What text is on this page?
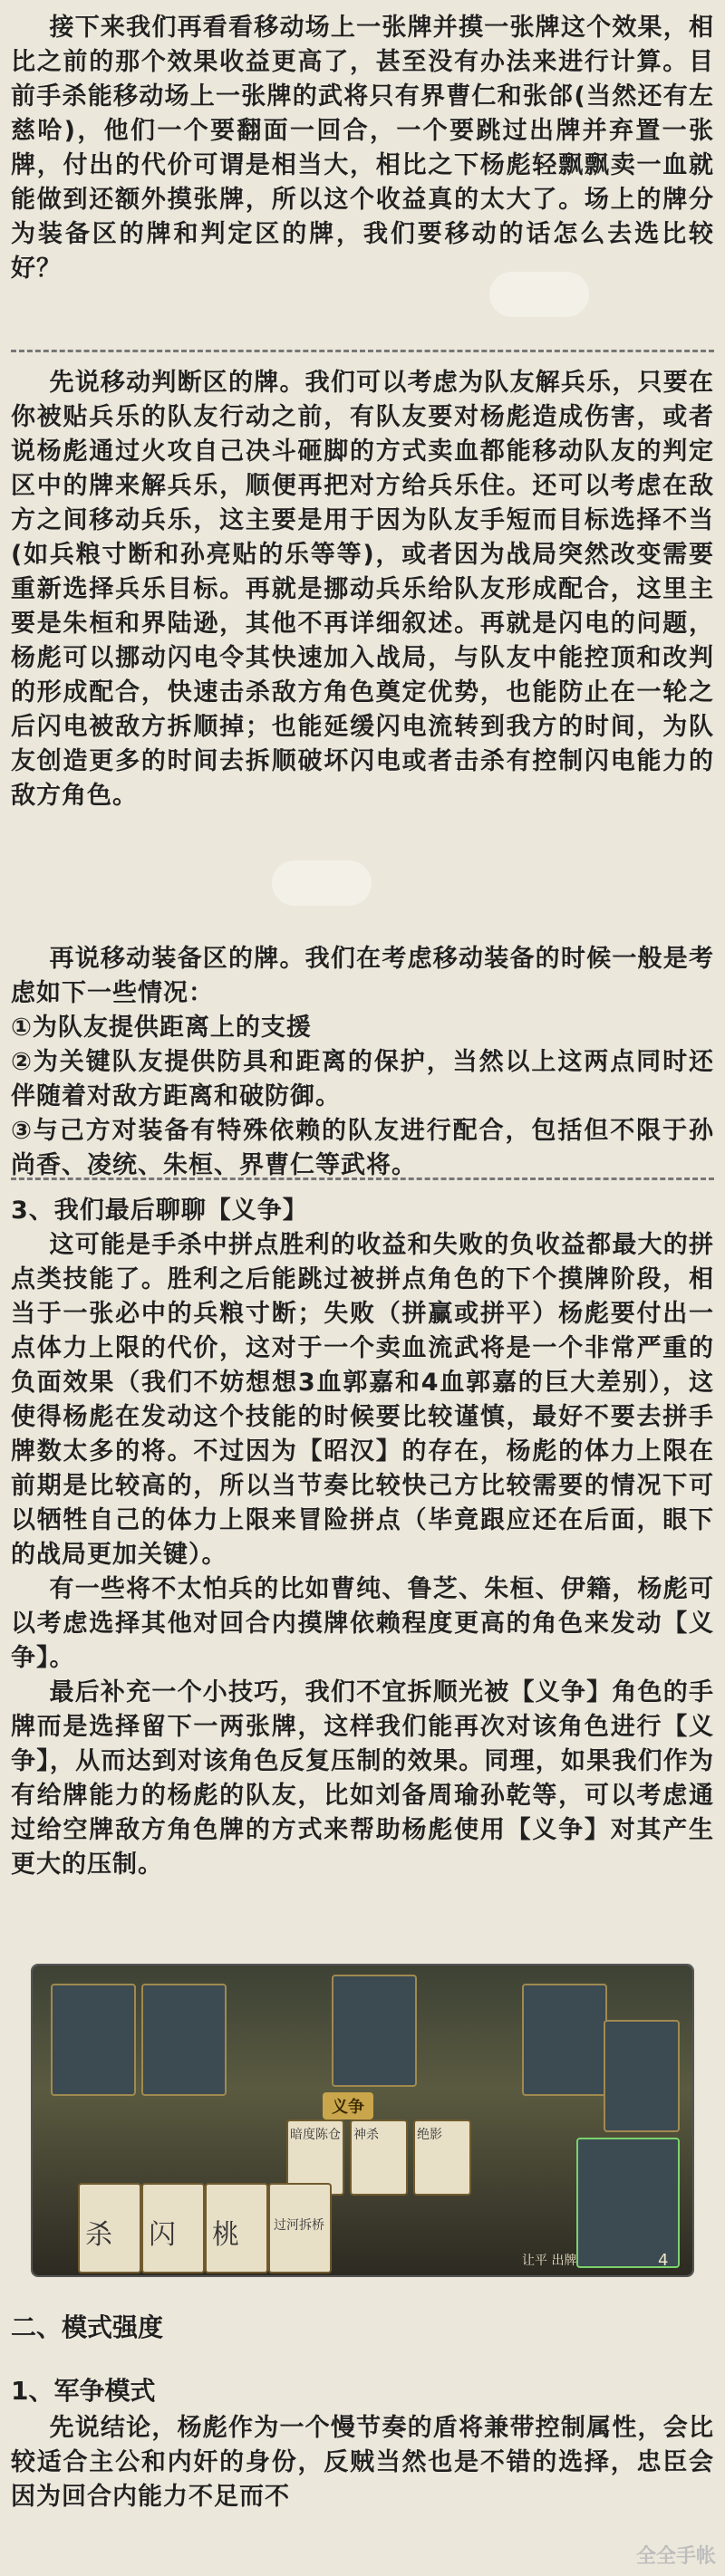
接下来我们再看看移动场上一张牌并摸一张牌这个效果，相比之前的那个效果收益更高了，甚至没有办法来进行计算。目前手杀能移动场上一张牌的武将只有界曹仁和张郃(当然还有左慈哈)，他们一个要翻面一回合，一个要跳过出牌并弃置一张牌，付出的代价可谓是相当大，相比之下杨彪轻飘飘卖一血就能做到还额外摸张牌，所以这个收益真的太大了。场上的牌分为装备区的牌和判定区的牌，我们要移动的话怎么去选比较好？
先说移动判断区的牌。我们可以考虑为队友解兵乐，只要在你被贴兵乐的队友行动之前，有队友要对杨彪造成伤害，或者说杨彪通过火攻自己决斗砸脚的方式卖血都能移动队友的判定区中的牌来解兵乐，顺便再把对方给兵乐住。还可以考虑在敌方之间移动兵乐，这主要是用于因为队友手短而目标选择不当(如兵粮寸断和孙亮贴的乐等等)，或者因为战局突然改变需要重新选择兵乐目标。再就是挪动兵乐给队友形成配合，这里主要是朱桓和界陆逊，其他不再详细叙述。再就是闪电的问题，杨彪可以挪动闪电令其快速加入战局，与队友中能控顶和改判的形成配合，快速击杀敌方角色奠定优势，也能防止在一轮之后闪电被敌方拆顺掉；也能延缓闪电流转到我方的时间，为队友创造更多的时间去拆顺破坏闪电或者击杀有控制闪电能力的敌方角色。
再说移动装备区的牌。我们在考虑移动装备的时候一般是考虑如下一些情况：
①为队友提供距离上的支援
②为关键队友提供防具和距离的保护，当然以上这两点同时还伴随着对敌方距离和破防御。
③与己方对装备有特殊依赖的队友进行配合，包括但不限于孙尚香、凌统、朱桓、界曹仁等武将。
3、我们最后聊聊【义争】
这可能是手杀中拼点胜利的收益和失败的负收益都最大的拼点类技能了。胜利之后能跳过被拼点角色的下个摸牌阶段，相当于一张必中的兵粮寸断；失败（拼赢或拼平）杨彪要付出一点体力上限的代价，这对于一个卖血流武将是一个非常严重的负面效果（我们不妨想想3血郭嘉和4血郭嘉的巨大差别），这使得杨彪在发动这个技能的时候要比较谨慎，最好不要去拼手牌数太多的将。不过因为【昭汉】的存在，杨彪的体力上限在前期是比较高的，所以当节奏比较快己方比较需要的情况下可以牺牲自己的体力上限来冒险拼点（毕竟跟应还在后面，眼下的战局更加关键）。
有一些将不太怕兵的比如曹纯、鲁芝、朱桓、伊籍，杨彪可以考虑选择其他对回合内摸牌依赖程度更高的角色来发动【义争】。
最后补充一个小技巧，我们不宜拆顺光被【义争】角色的手牌而是选择留下一两张牌，这样我们能再次对该角色进行【义争】，从而达到对该角色反复压制的效果。同理，如果我们作为有给牌能力的杨彪的队友，比如刘备周瑜孙乾等，可以考虑通过给空牌敌方角色牌的方式来帮助杨彪使用【义争】对其产生更大的压制。
义争
暗度陈仓 神杀	绝影
杀 闪 桃	过河拆桥
让平 出牌	4
二、模式强度
1、军争模式
先说结论，杨彪作为一个慢节奏的盾将兼带控制属性，会比较适合主公和内奸的身份，反贼当然也是不错的选择，忠臣会因为回合内能力不足而不
全全手帐
